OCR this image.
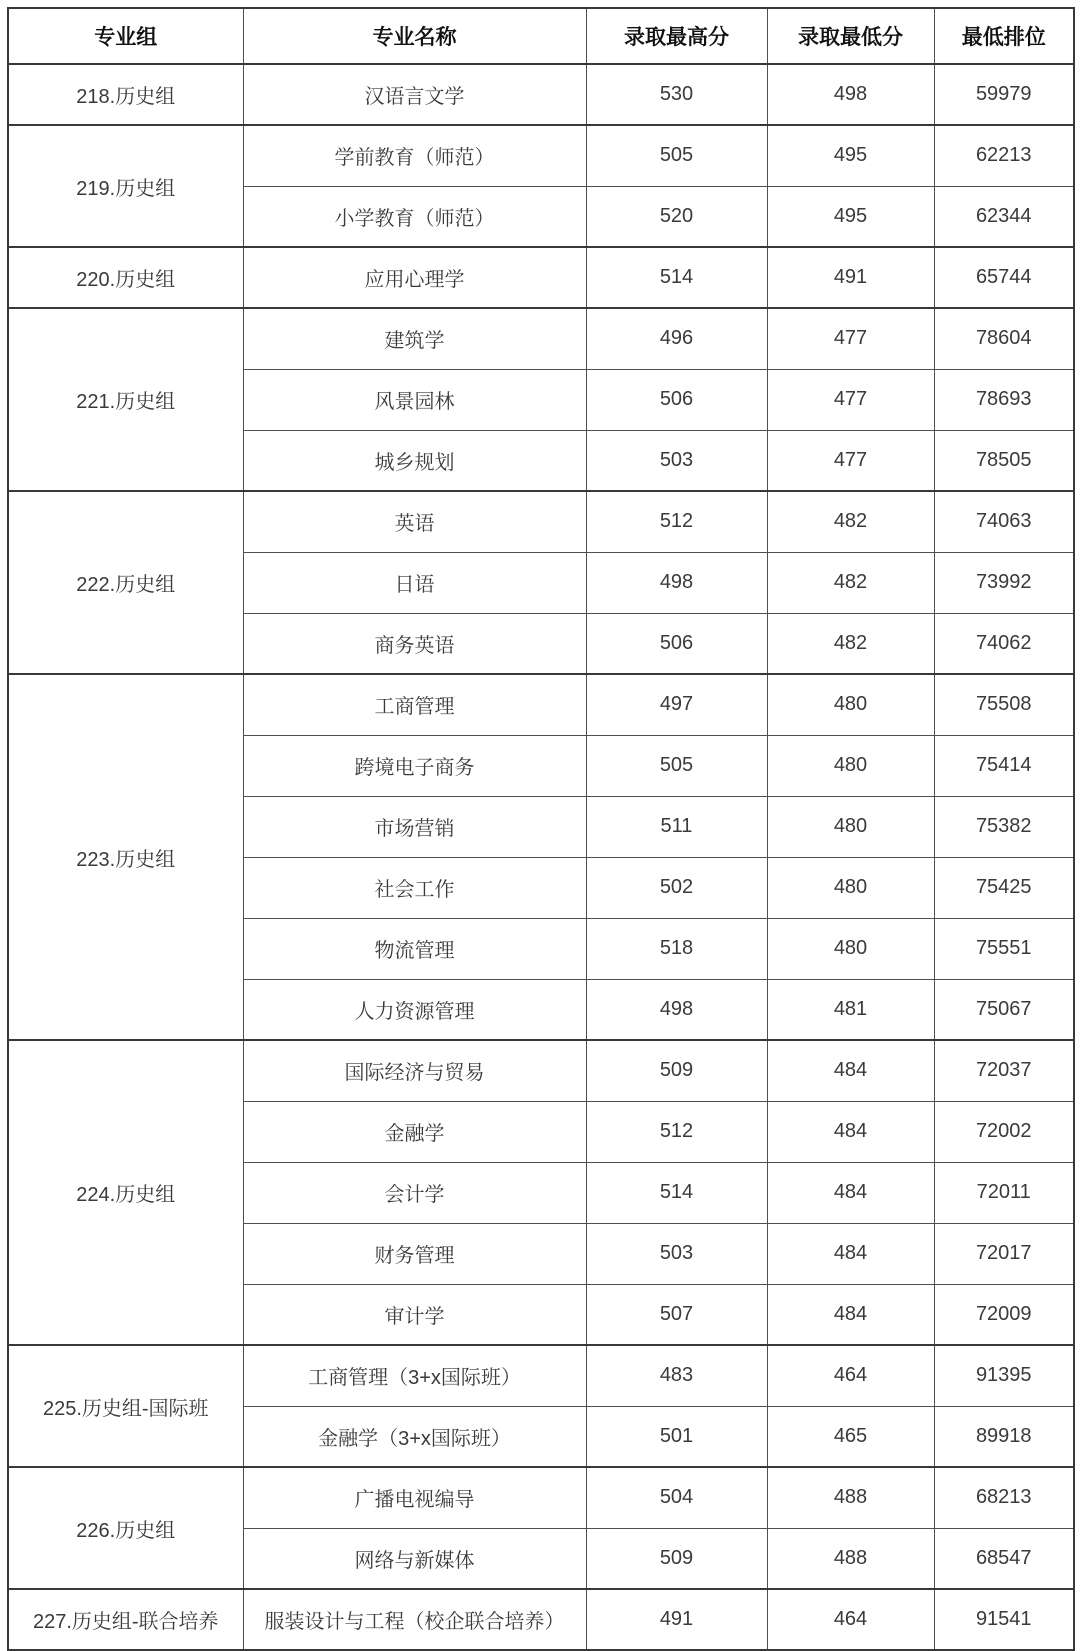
专业组	专业名称	录取最高分	录取最低分	最低排位
218.历史组	汉语言文学	530	498	59979
219.历史组	学前教育（师范）	505	495	62213
	小学教育（师范）	520	495	62344
220.历史组	应用心理学	514	491	65744
221.历史组	建筑学	496	477	78604
	风景园林	506	477	78693
	城乡规划	503	477	78505
222.历史组	英语	512	482	74063
	日语	498	482	73992
	商务英语	506	482	74062
223.历史组	工商管理	497	480	75508
	跨境电子商务	505	480	75414
	市场营销	511	480	75382
	社会工作	502	480	75425
	物流管理	518	480	75551
	人力资源管理	498	481	75067
224.历史组	国际经济与贸易	509	484	72037
	金融学	512	484	72002
	会计学	514	484	72011
	财务管理	503	484	72017
	审计学	507	484	72009
225.历史组-国际班	工商管理（3+x国际班）	483	464	91395
	金融学（3+x国际班）	501	465	89918
226.历史组	广播电视编导	504	488	68213
	网络与新媒体	509	488	68547
227.历史组-联合培养	服装设计与工程（校企联合培养）	491	464	91541
